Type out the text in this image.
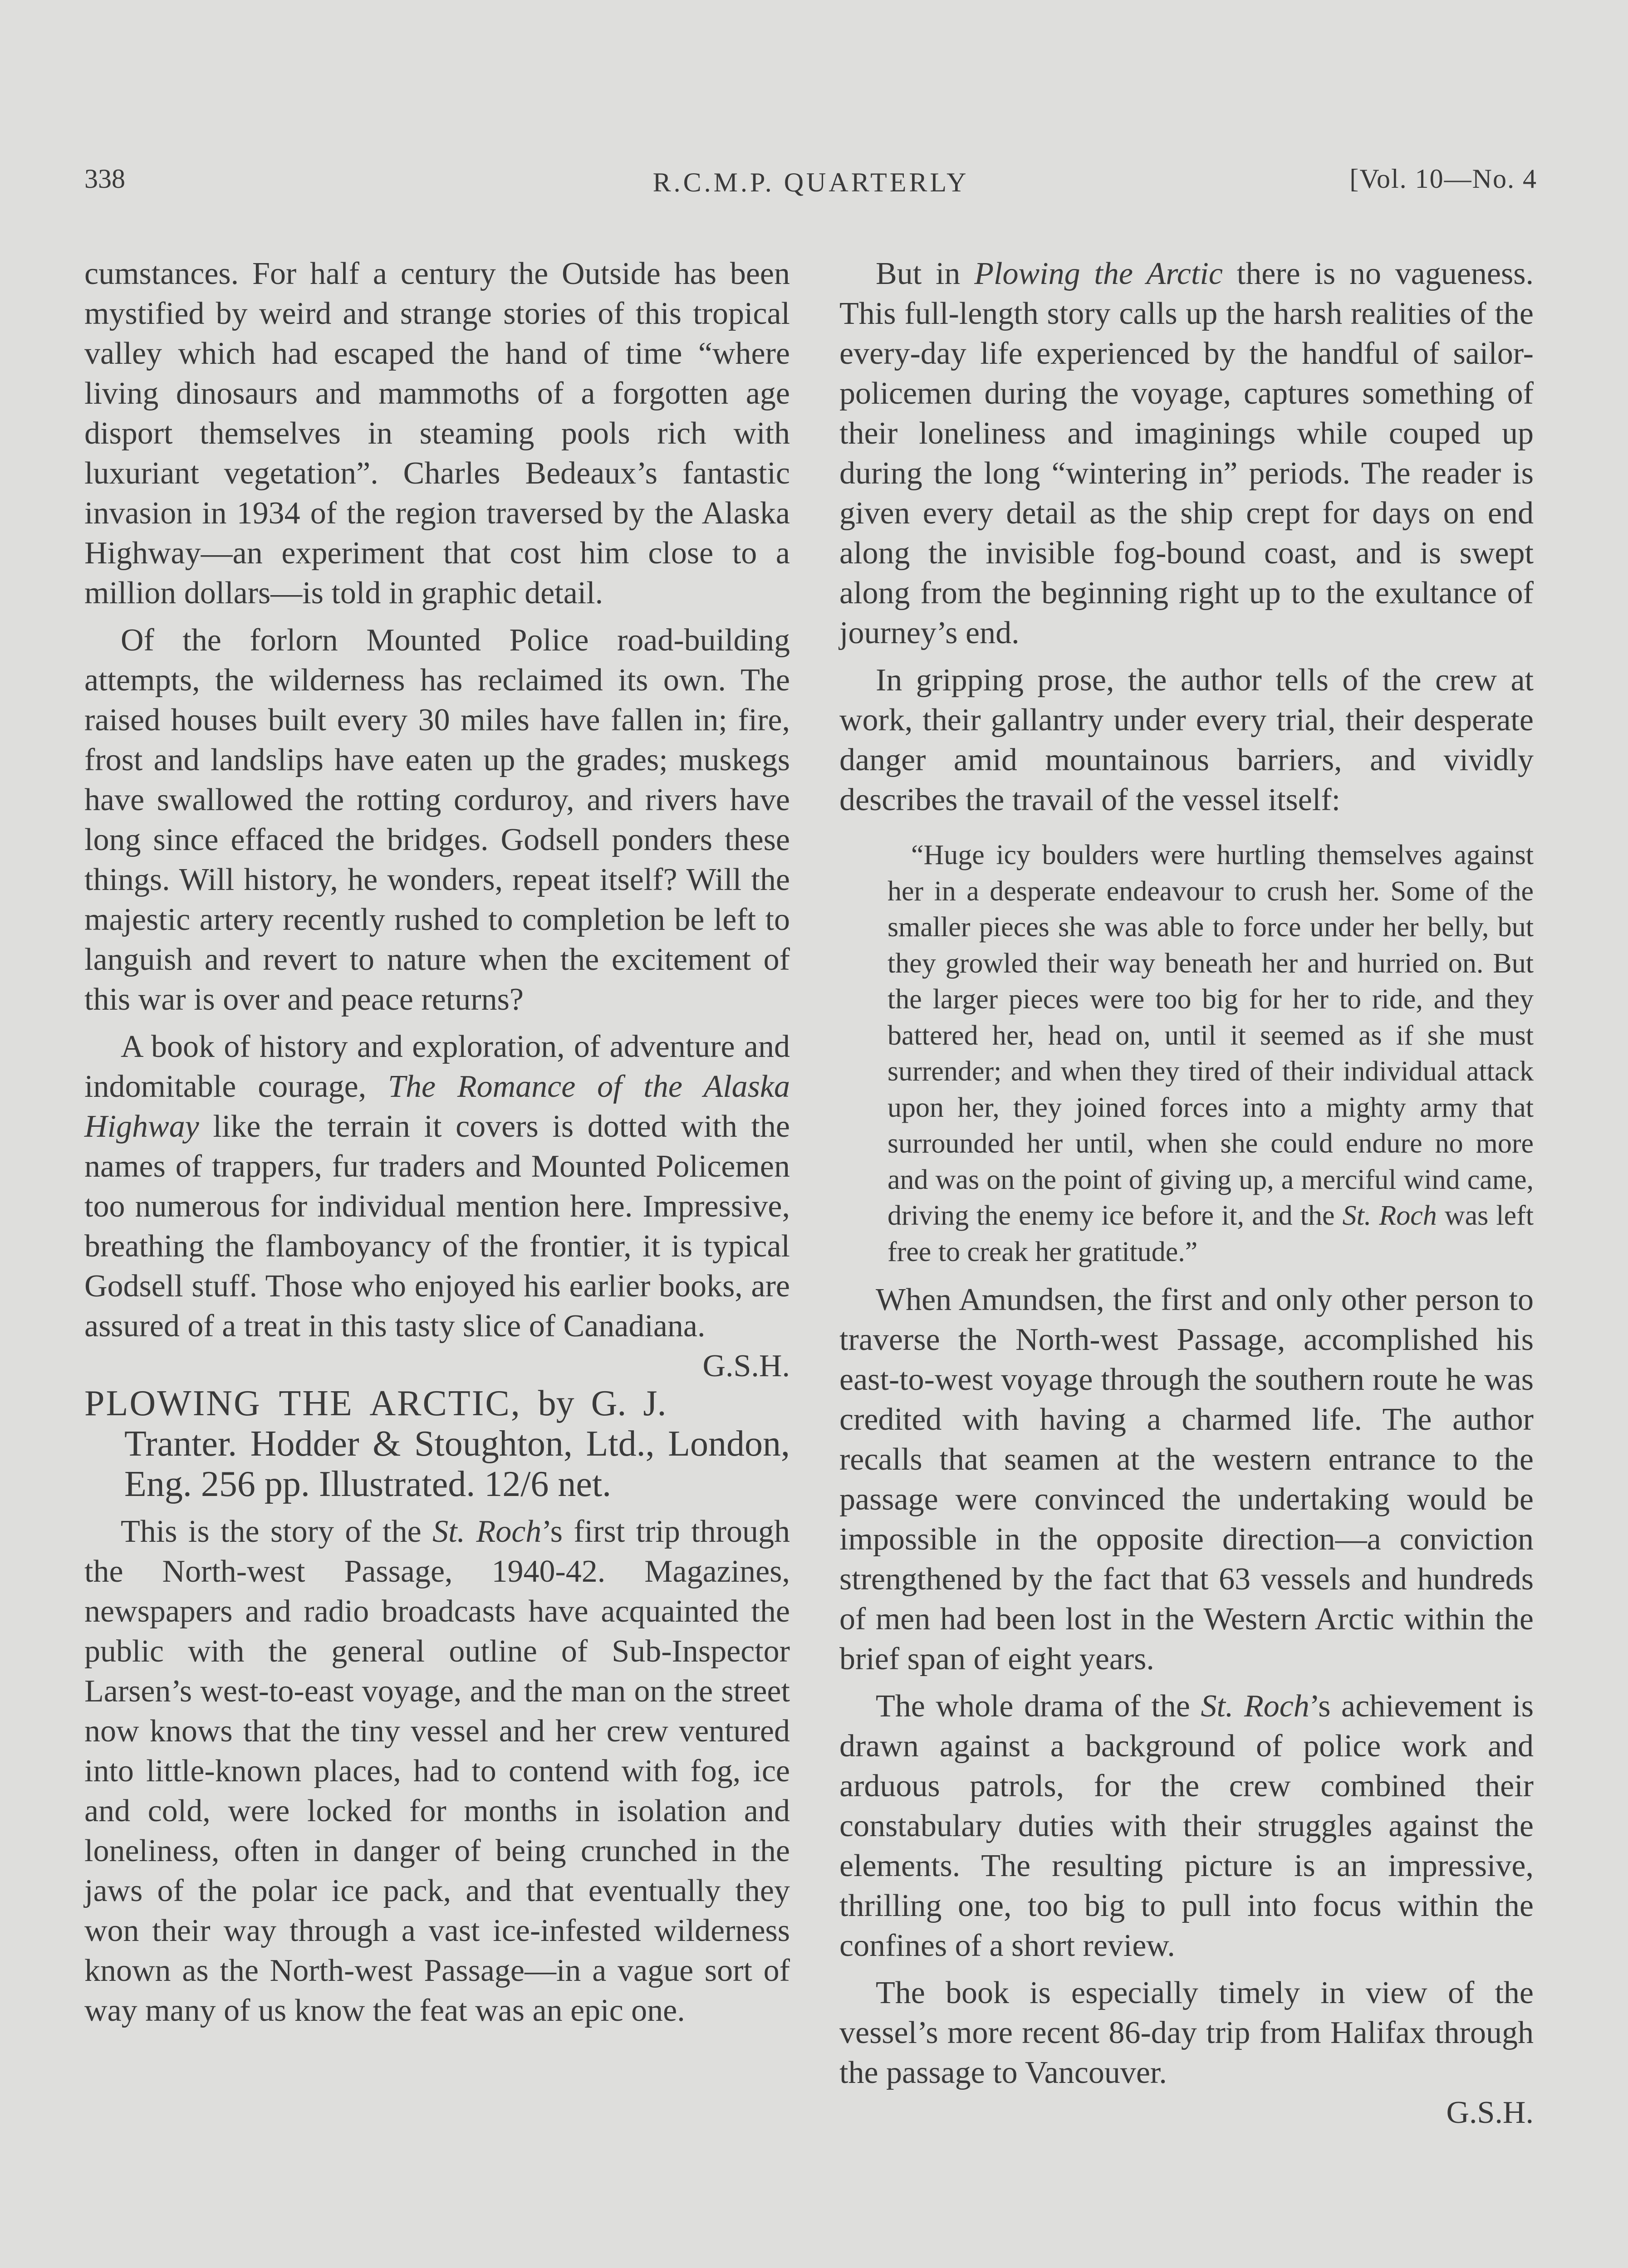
338	R.C.M.P. QUARTERLY	[Vol. 10—No. 4

cumstances. For half a century the Outside has been mystified by weird and strange stories of this tropical valley which had escaped the hand of time “where living dinosaurs and mammoths of a forgotten age disport themselves in steaming pools rich with luxuriant vegetation”. Charles Bedeaux’s fantastic invasion in 1934 of the region traversed by the Alaska Highway—an experiment that cost him close to a million dollars—is told in graphic detail.

Of the forlorn Mounted Police road-building attempts, the wilderness has reclaimed its own. The raised houses built every 30 miles have fallen in; fire, frost and landslips have eaten up the grades; muskegs have swallowed the rotting corduroy, and rivers have long since effaced the bridges. Godsell ponders these things. Will history, he wonders, repeat itself? Will the majestic artery recently rushed to completion be left to languish and revert to nature when the excitement of this war is over and peace returns?

A book of history and exploration, of adventure and indomitable courage, The Romance of the Alaska Highway like the terrain it covers is dotted with the names of trappers, fur traders and Mounted Policemen too numerous for individual mention here. Impressive, breathing the flamboyancy of the frontier, it is typical Godsell stuff. Those who enjoyed his earlier books, are assured of a treat in this tasty slice of Canadiana.
G.S.H.

PLOWING THE ARCTIC, by G. J. Tranter. Hodder & Stoughton, Ltd., London, Eng. 256 pp. Illustrated. 12/6 net.

This is the story of the St. Roch’s first trip through the North-west Passage, 1940-42. Magazines, newspapers and radio broadcasts have acquainted the public with the general outline of Sub-Inspector Larsen’s west-to-east voyage, and the man on the street now knows that the tiny vessel and her crew ventured into little-known places, had to contend with fog, ice and cold, were locked for months in isolation and loneliness, often in danger of being crunched in the jaws of the polar ice pack, and that eventually they won their way through a vast ice-infested wilderness known as the North-west Passage—in a vague sort of way many of us know the feat was an epic one.

But in Plowing the Arctic there is no vagueness. This full-length story calls up the harsh realities of the every-day life experienced by the handful of sailor-policemen during the voyage, captures something of their loneliness and imaginings while couped up during the long “wintering in” periods. The reader is given every detail as the ship crept for days on end along the invisible fog-bound coast, and is swept along from the beginning right up to the exultance of journey’s end.

In gripping prose, the author tells of the crew at work, their gallantry under every trial, their desperate danger amid mountainous barriers, and vividly describes the travail of the vessel itself:

“Huge icy boulders were hurtling themselves against her in a desperate endeavour to crush her. Some of the smaller pieces she was able to force under her belly, but they growled their way beneath her and hurried on. But the larger pieces were too big for her to ride, and they battered her, head on, until it seemed as if she must surrender; and when they tired of their individual attack upon her, they joined forces into a mighty army that surrounded her until, when she could endure no more and was on the point of giving up, a merciful wind came, driving the enemy ice before it, and the St. Roch was left free to creak her gratitude.”

When Amundsen, the first and only other person to traverse the North-west Passage, accomplished his east-to-west voyage through the southern route he was credited with having a charmed life. The author recalls that seamen at the western entrance to the passage were convinced the undertaking would be impossible in the opposite direction—a conviction strengthened by the fact that 63 vessels and hundreds of men had been lost in the Western Arctic within the brief span of eight years.

The whole drama of the St. Roch’s achievement is drawn against a background of police work and arduous patrols, for the crew combined their constabulary duties with their struggles against the elements. The resulting picture is an impressive, thrilling one, too big to pull into focus within the confines of a short review.

The book is especially timely in view of the vessel’s more recent 86-day trip from Halifax through the passage to Vancouver.

G.S.H.
